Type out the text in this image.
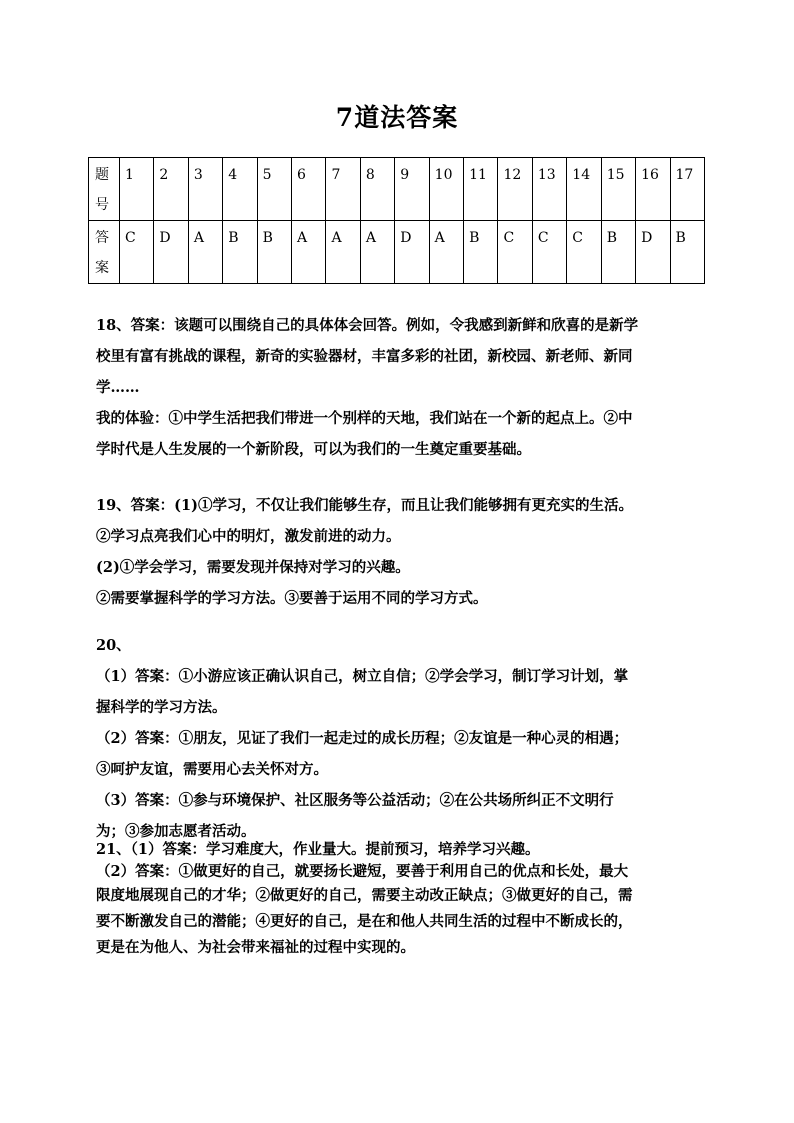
7道法答案
题号	1	2	3	4	5	6	7	8	9	10	11	12	13	14	15	16	17
答案	C	D	A	B	B	A	A	A	D	A	B	C	C	C	B	D	B

18、答案：该题可以围绕自己的具体体会回答。例如，令我感到新鲜和欣喜的是新学

校里有富有挑战的课程，新奇的实验器材，丰富多彩的社团，新校园、新老师、新同

学……

我的体验：①中学生活把我们带进一个别样的天地，我们站在一个新的起点上。②中

学时代是人生发展的一个新阶段，可以为我们的一生奠定重要基础。

19、答案：(1)①学习，不仅让我们能够生存，而且让我们能够拥有更充实的生活。

②学习点亮我们心中的明灯，激发前进的动力。

(2)①学会学习，需要发现并保持对学习的兴趣。

②需要掌握科学的学习方法。③要善于运用不同的学习方式。

20、

（1）答案：①小游应该正确认识自己，树立自信；②学会学习，制订学习计划，掌

握科学的学习方法。

（2）答案：①朋友，见证了我们一起走过的成长历程；②友谊是一种心灵的相遇；

③呵护友谊，需要用心去关怀对方。

（3）答案：①参与环境保护、社区服务等公益活动；②在公共场所纠正不文明行

为；③参加志愿者活动。

21、（1）答案：学习难度大，作业量大。提前预习，培养学习兴趣。

（2）答案：①做更好的自己，就要扬长避短，要善于利用自己的优点和长处，最大

限度地展现自己的才华；②做更好的自己，需要主动改正缺点；③做更好的自己，需

要不断激发自己的潜能；④更好的自己，是在和他人共同生活的过程中不断成长的，

更是在为他人、为社会带来福祉的过程中实现的。
